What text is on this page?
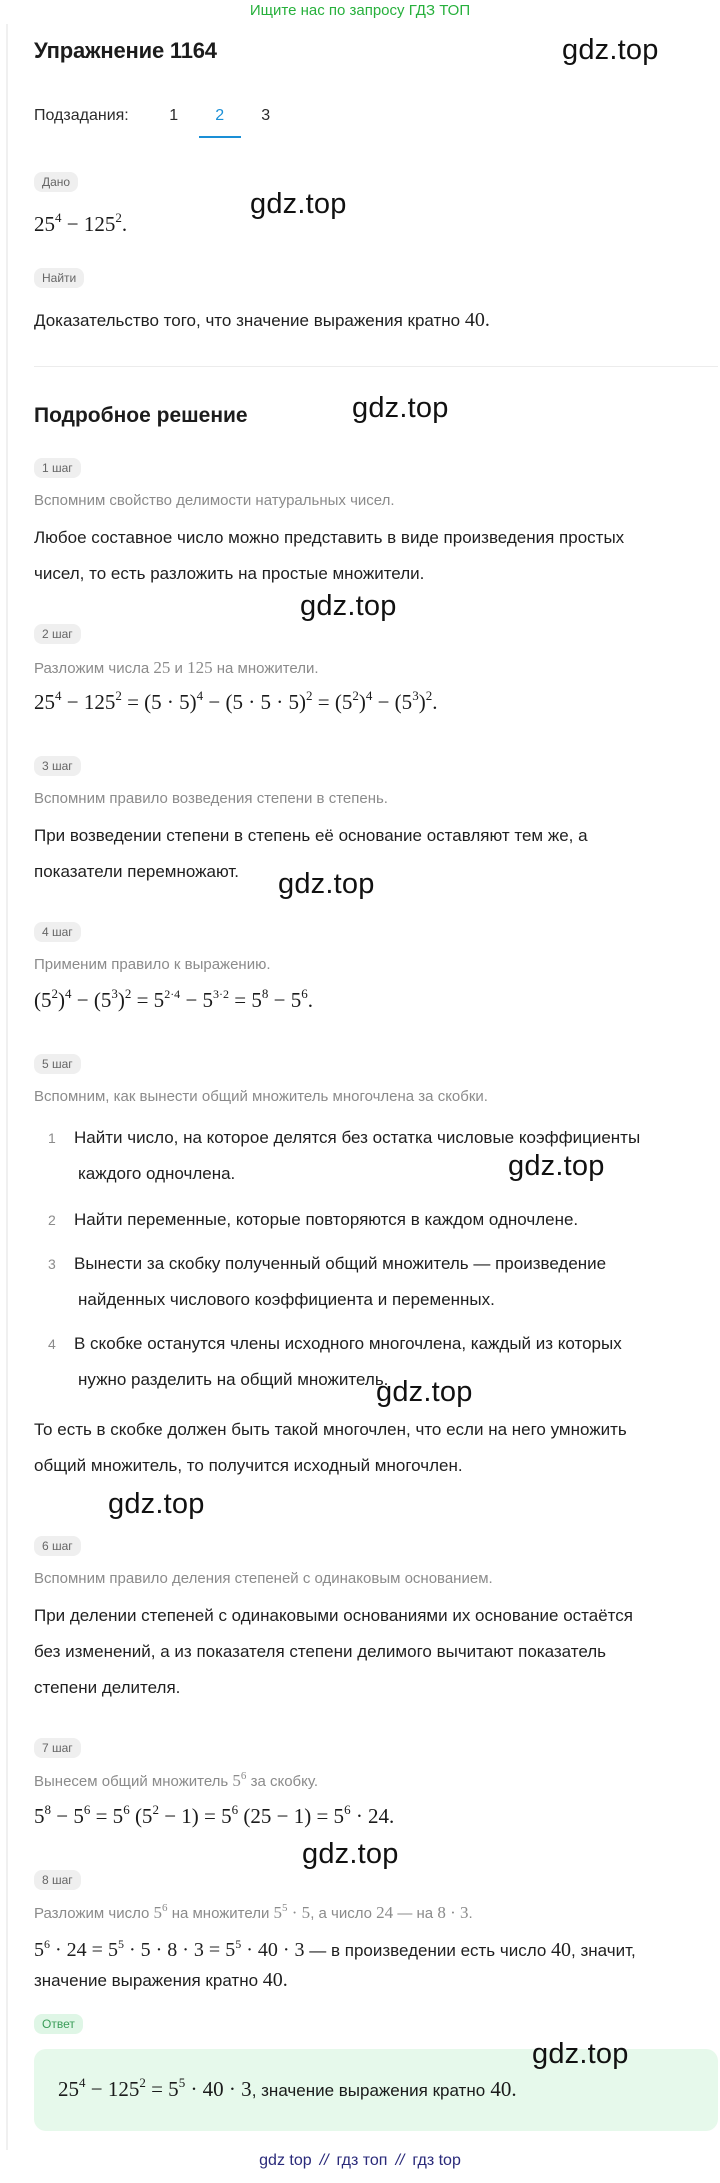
Ищите нас по запросу ГДЗ ТОП
Упражнение 1164
Подзадания:	1	2	3
Дано
$25^4 - 125^2$.
Найти
Доказательство того, что значение выражения кратно 40.
Подробное решение
1 шаг
Вспомним свойство делимости натуральных чисел.
Любое составное число можно представить в виде произведения простых
чисел, то есть разложить на простые множители.
2 шаг
Разложим числа 25 и 125 на множители.
$25^4 - 125^2 = (5 \cdot 5)^4 - (5 \cdot 5 \cdot 5)^2 = (5^2)^4 - (5^3)^2$.
3 шаг
Вспомним правило возведения степени в степень.
При возведении степени в степень её основание оставляют тем же, а
показатели перемножают.
4 шаг
Применим правило к выражению.
$(5^2)^4 - (5^3)^2 = 5^{2\cdot 4} - 5^{3\cdot 2} = 5^8 - 5^6$.
5 шаг
Вспомним, как вынести общий множитель многочлена за скобки.
1 Найти число, на которое делятся без остатка числовые коэффициенты
каждого одночлена.
2 Найти переменные, которые повторяются в каждом одночлене.
3 Вынести за скобку полученный общий множитель — произведение
найденных числового коэффициента и переменных.
4 В скобке останутся члены исходного многочлена, каждый из которых
нужно разделить на общий множитель.
То есть в скобке должен быть такой многочлен, что если на него умножить
общий множитель, то получится исходный многочлен.
6 шаг
Вспомним правило деления степеней с одинаковым основанием.
При делении степеней с одинаковыми основаниями их основание остаётся
без изменений, а из показателя степени делимого вычитают показатель
степени делителя.
7 шаг
Вынесем общий множитель $5^6$ за скобку.
$5^8 - 5^6 = 5^6$ $(5^2 - 1) = 5^6$ $(25 - 1) = 5^6 \cdot 24$.
8 шаг
Разложим число $5^6$ на множители $5^5 \cdot 5$, а число 24 — на 8 · 3.
$5^6 \cdot 24 = 5^5 \cdot 5 \cdot 8 \cdot 3 = 5^5 \cdot 40 \cdot 3$ — в произведении есть число 40, значит,
значение выражения кратно 40.
Ответ
$25^4 - 125^2 = 5^5 \cdot 40 \cdot 3$, значение выражения кратно 40.
gdz.top
gdz.top
gdz.top
gdz.top
gdz.top
gdz.top
gdz.top
gdz.top
gdz.top
gdz.top
gdz top // гдз топ // гдз top
